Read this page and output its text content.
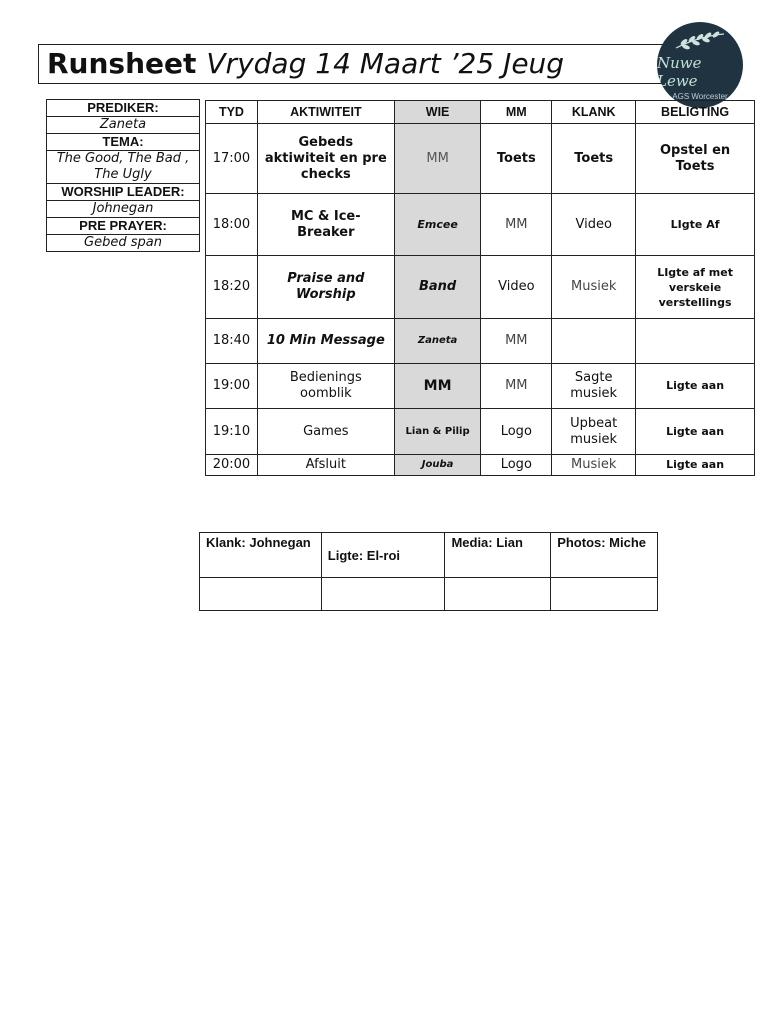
Runsheet Vrydag 14 Maart ’25 Jeug	Nuwe Lewe
AGS Worcester
PREDIKER:
Zaneta
TEMA:
The Good, The Bad , The Ugly
WORSHIP LEADER:
Johnegan
PRE PRAYER:
Gebed span
TYD	AKTIWITEIT	WIE	MM	KLANK	BELIGTING
17:00	Gebeds aktiwiteit en pre checks	MM	Toets	Toets	Opstel en Toets
18:00	MC & Ice-Breaker	Emcee	MM	Video	LIgte Af
18:20	Praise and Worship	Band	Video	Musiek	LIgte af met verskeie verstellings
18:40	10 Min Message	Zaneta	MM		
19:00	Bedienings oomblik	MM	MM	Sagte musiek	Ligte aan
19:10	Games	Lian & Pilip	Logo	Upbeat musiek	Ligte aan
20:00	Afsluit	Jouba	Logo	Musiek	Ligte aan
Klank: Johnegan	Ligte: El-roi	Media: Lian	Photos: Miche
